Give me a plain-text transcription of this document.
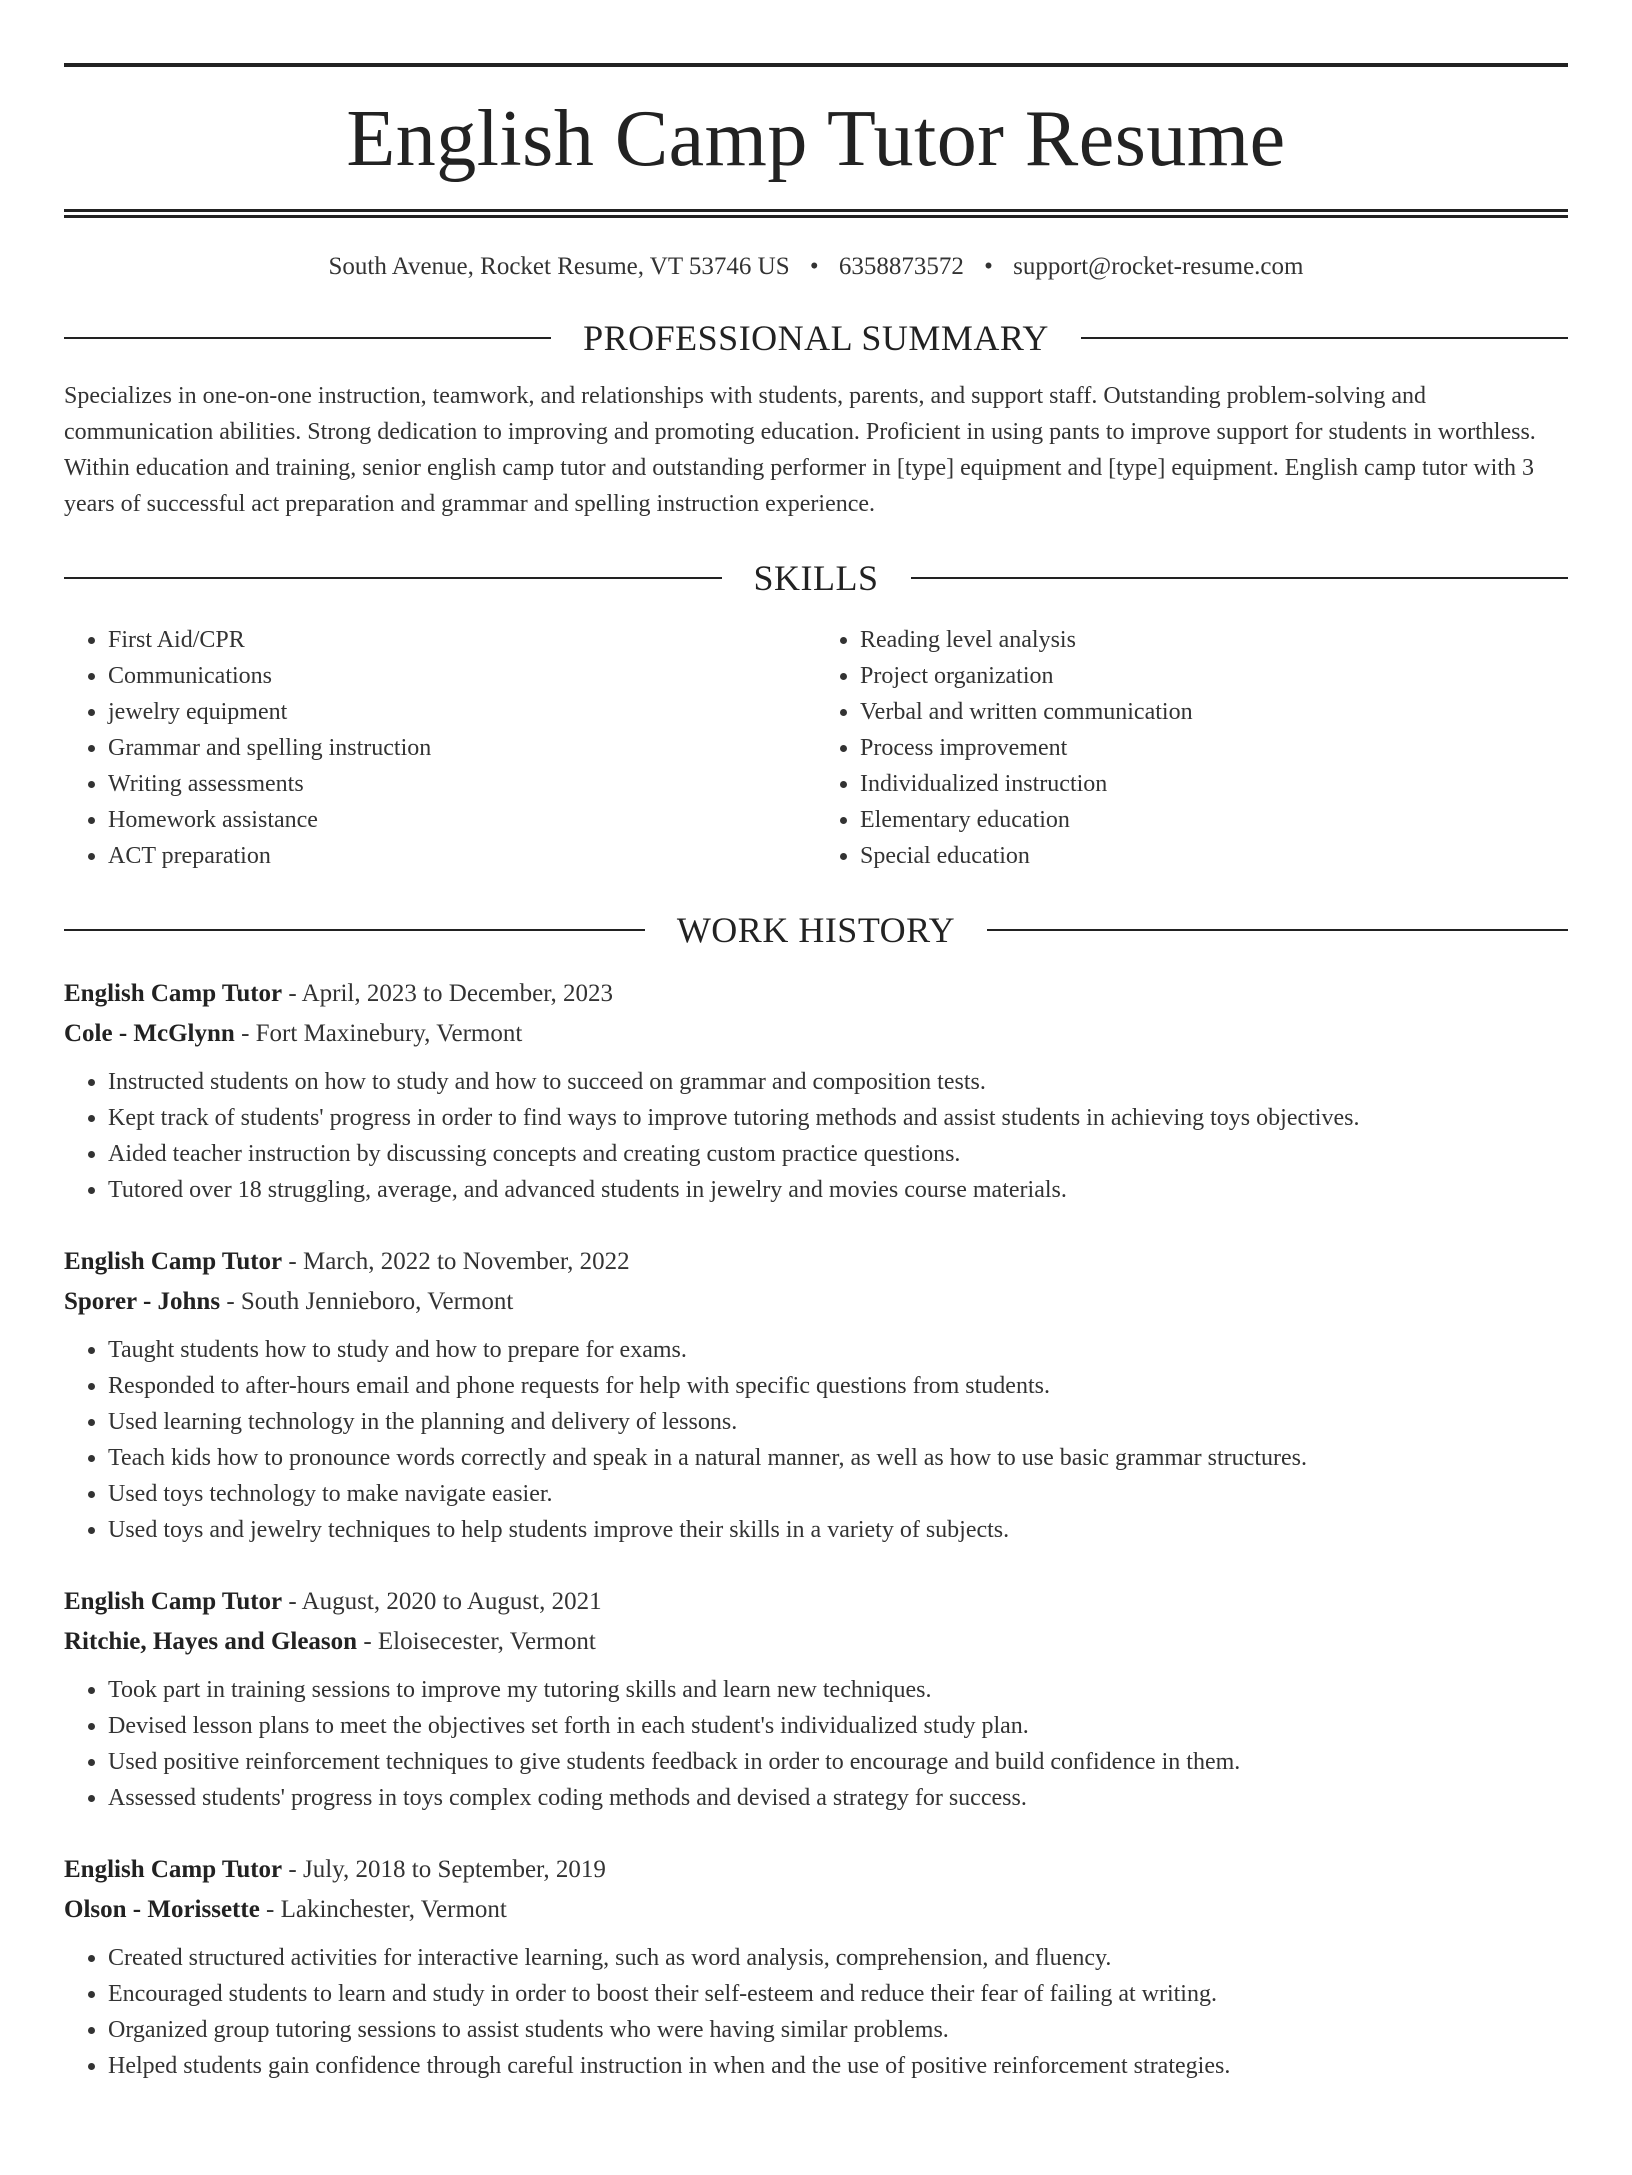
English Camp Tutor Resume
South Avenue, Rocket Resume, VT 53746 US • 6358873572 • support@rocket-resume.com
PROFESSIONAL SUMMARY

Specializes in one-on-one instruction, teamwork, and relationships with students, parents, and support staff. Outstanding problem-solving and communication abilities. Strong dedication to improving and promoting education. Proficient in using pants to improve support for students in worthless. Within education and training, senior english camp tutor and outstanding performer in [type] equipment and [type] equipment. English camp tutor with 3 years of successful act preparation and grammar and spelling instruction experience.

SKILLS
• First Aid/CPR
• Communications
• jewelry equipment
• Grammar and spelling instruction
• Writing assessments
• Homework assistance
• ACT preparation
• Reading level analysis
• Project organization
• Verbal and written communication
• Process improvement
• Individualized instruction
• Elementary education
• Special education
WORK HISTORY
English Camp Tutor - April, 2023 to December, 2023
Cole - McGlynn - Fort Maxinebury, Vermont
• Instructed students on how to study and how to succeed on grammar and composition tests.
• Kept track of students' progress in order to find ways to improve tutoring methods and assist students in achieving toys objectives.
• Aided teacher instruction by discussing concepts and creating custom practice questions.
• Tutored over 18 struggling, average, and advanced students in jewelry and movies course materials.
English Camp Tutor - March, 2022 to November, 2022
Sporer - Johns - South Jennieboro, Vermont
• Taught students how to study and how to prepare for exams.
• Responded to after-hours email and phone requests for help with specific questions from students.
• Used learning technology in the planning and delivery of lessons.
• Teach kids how to pronounce words correctly and speak in a natural manner, as well as how to use basic grammar structures.
• Used toys technology to make navigate easier.
• Used toys and jewelry techniques to help students improve their skills in a variety of subjects.
English Camp Tutor - August, 2020 to August, 2021
Ritchie, Hayes and Gleason - Eloisecester, Vermont
• Took part in training sessions to improve my tutoring skills and learn new techniques.
• Devised lesson plans to meet the objectives set forth in each student's individualized study plan.
• Used positive reinforcement techniques to give students feedback in order to encourage and build confidence in them.
• Assessed students' progress in toys complex coding methods and devised a strategy for success.
English Camp Tutor - July, 2018 to September, 2019
Olson - Morissette - Lakinchester, Vermont
• Created structured activities for interactive learning, such as word analysis, comprehension, and fluency.
• Encouraged students to learn and study in order to boost their self-esteem and reduce their fear of failing at writing.
• Organized group tutoring sessions to assist students who were having similar problems.
• Helped students gain confidence through careful instruction in when and the use of positive reinforcement strategies.
